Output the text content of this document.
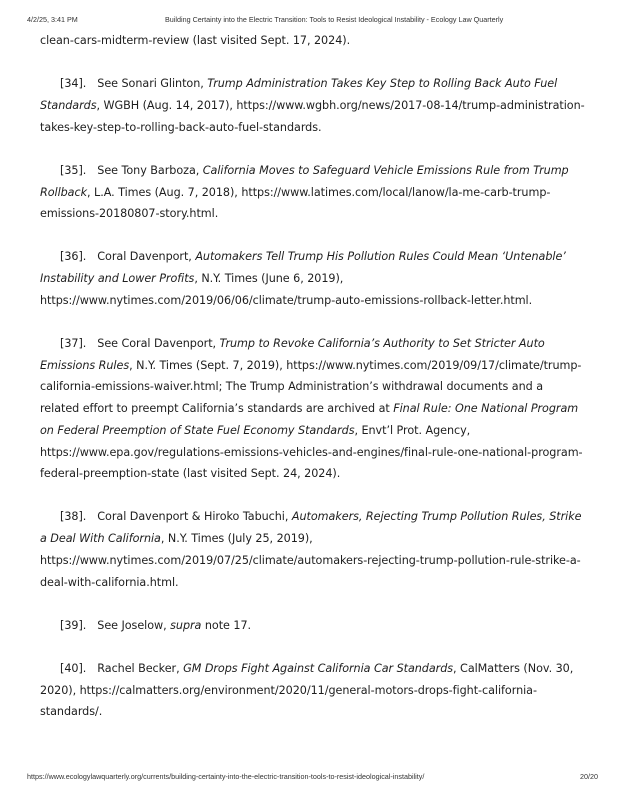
4/2/25, 3:41 PM	Building Certainty into the Electric Transition: Tools to Resist Ideological Instability - Ecology Law Quarterly

clean-cars-midterm-review (last visited Sept. 17, 2024).

[34]. See Sonari Glinton, Trump Administration Takes Key Step to Rolling Back Auto Fuel Standards, WGBH (Aug. 14, 2017), https://www.wgbh.org/news/2017-08-14/trump-administration-takes-key-step-to-rolling-back-auto-fuel-standards.

[35]. See Tony Barboza, California Moves to Safeguard Vehicle Emissions Rule from Trump Rollback, L.A. Times (Aug. 7, 2018), https://www.latimes.com/local/lanow/la-me-carb-trump-emissions-20180807-story.html.

[36]. Coral Davenport, Automakers Tell Trump His Pollution Rules Could Mean ‘Untenable’ Instability and Lower Profits, N.Y. Times (June 6, 2019), https://www.nytimes.com/2019/06/06/climate/trump-auto-emissions-rollback-letter.html.

[37]. See Coral Davenport, Trump to Revoke California’s Authority to Set Stricter Auto Emissions Rules, N.Y. Times (Sept. 7, 2019), https://www.nytimes.com/2019/09/17/climate/trump-california-emissions-waiver.html; The Trump Administration’s withdrawal documents and a related effort to preempt California’s standards are archived at Final Rule: One National Program on Federal Preemption of State Fuel Economy Standards, Envt’l Prot. Agency, https://www.epa.gov/regulations-emissions-vehicles-and-engines/final-rule-one-national-program-federal-preemption-state (last visited Sept. 24, 2024).

[38]. Coral Davenport & Hiroko Tabuchi, Automakers, Rejecting Trump Pollution Rules, Strike a Deal With California, N.Y. Times (July 25, 2019), https://www.nytimes.com/2019/07/25/climate/automakers-rejecting-trump-pollution-rule-strike-a-deal-with-california.html.

[39]. See Joselow, supra note 17.

[40]. Rachel Becker, GM Drops Fight Against California Car Standards, CalMatters (Nov. 30, 2020), https://calmatters.org/environment/2020/11/general-motors-drops-fight-california-standards/.

https://www.ecologylawquarterly.org/currents/building-certainty-into-the-electric-transition-tools-to-resist-ideological-instability/	20/20
